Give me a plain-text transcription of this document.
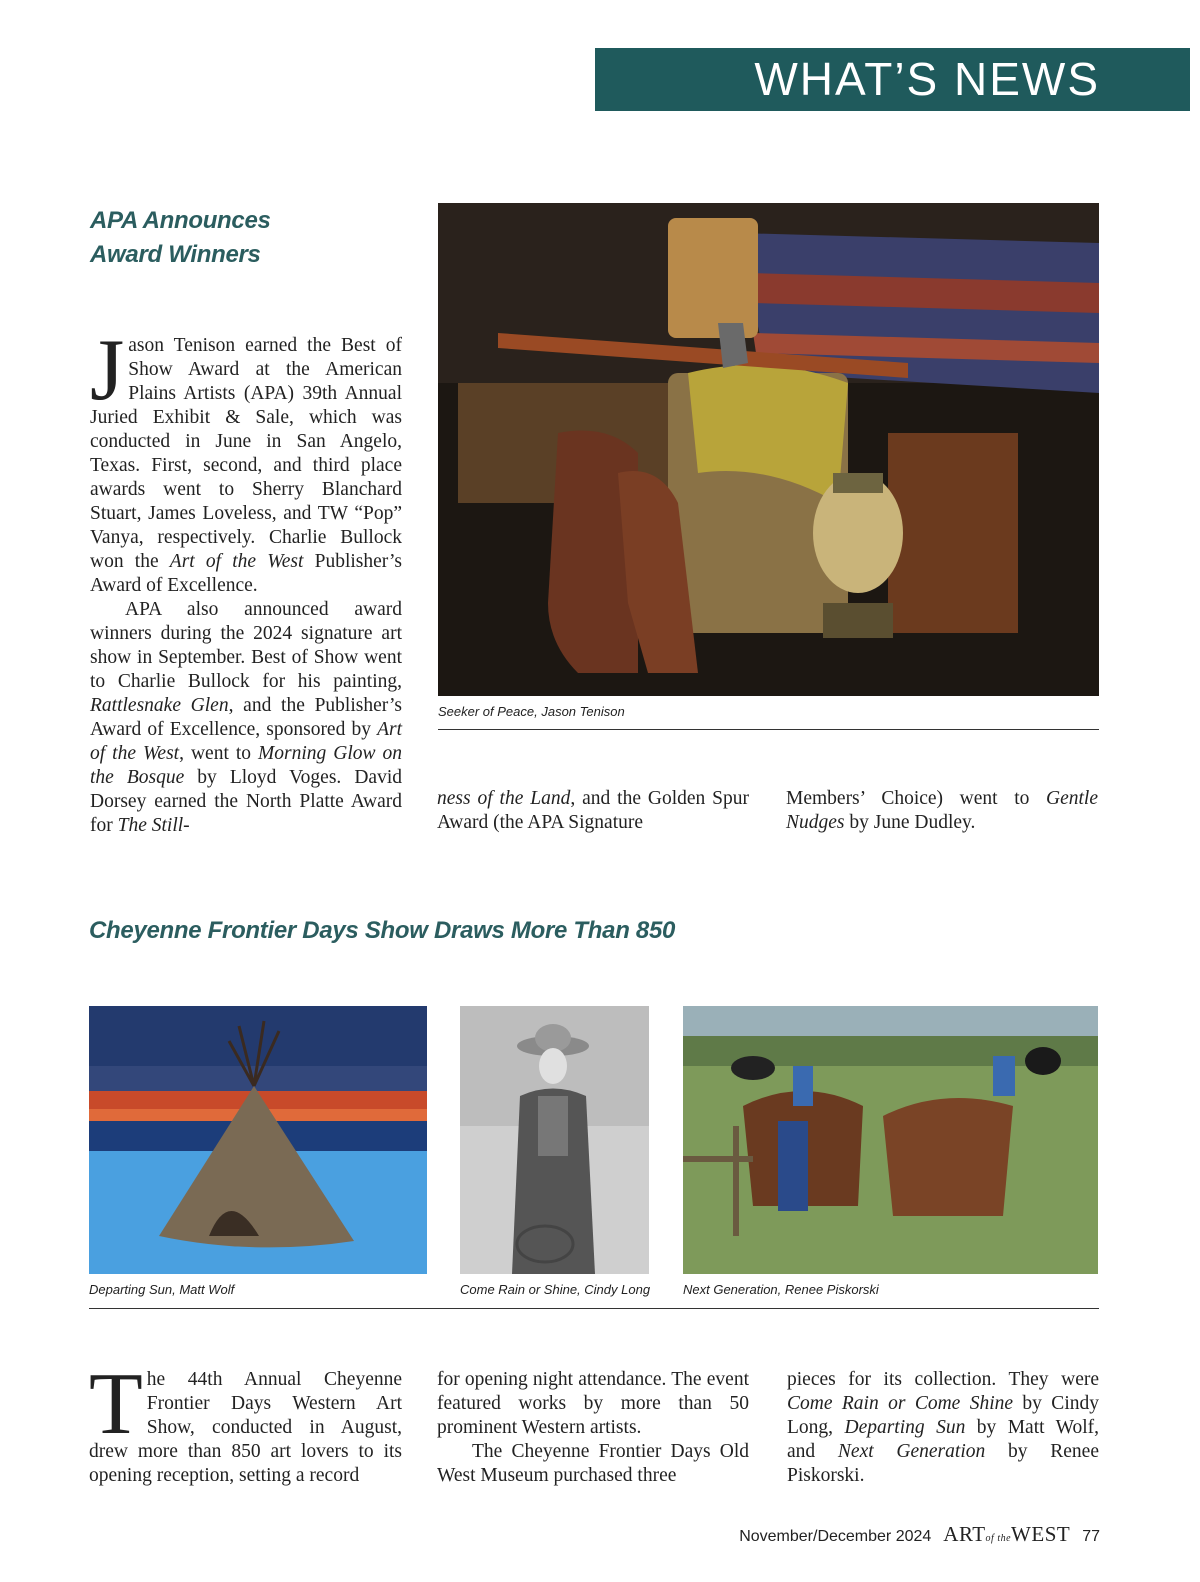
WHAT’S NEWS
APA Announces
Award Winners

Jason Tenison earned the Best of Show Award at the American Plains Artists (APA) 39th Annual Juried Exhibit & Sale, which was conducted in June in San Angelo, Texas. First, second, and third place awards went to Sherry Blanchard Stuart, James Loveless, and TW “Pop” Vanya, respectively. Charlie Bullock won the Art of the West Publisher’s Award of Excellence.

APA also announced award winners during the 2024 signature art show in September. Best of Show went to Charlie Bullock for his painting, Rattlesnake Glen, and the Publisher’s Award of Excellence, sponsored by Art of the West, went to Morning Glow on the Bosque by Lloyd Voges. David Dorsey earned the North Platte Award for The Still-

Seeker of Peace, Jason Tenison

ness of the Land, and the Golden Spur Award (the APA Signature

Members’ Choice) went to Gentle Nudges by June Dudley.

Cheyenne Frontier Days Show Draws More Than 850
Departing Sun, Matt Wolf	Come Rain or Shine, Cindy Long	Next Generation, Renee Piskorski

The 44th Annual Cheyenne Frontier Days Western Art Show, conducted in August, drew more than 850 art lovers to its opening reception, setting a record

for opening night attendance. The event featured works by more than 50 prominent Western artists.

The Cheyenne Frontier Days Old West Museum purchased three

pieces for its collection. They were Come Rain or Come Shine by Cindy Long, Departing Sun by Matt Wolf, and Next Generation by Renee Piskorski.

November/December 2024 ARTof theWEST 77
